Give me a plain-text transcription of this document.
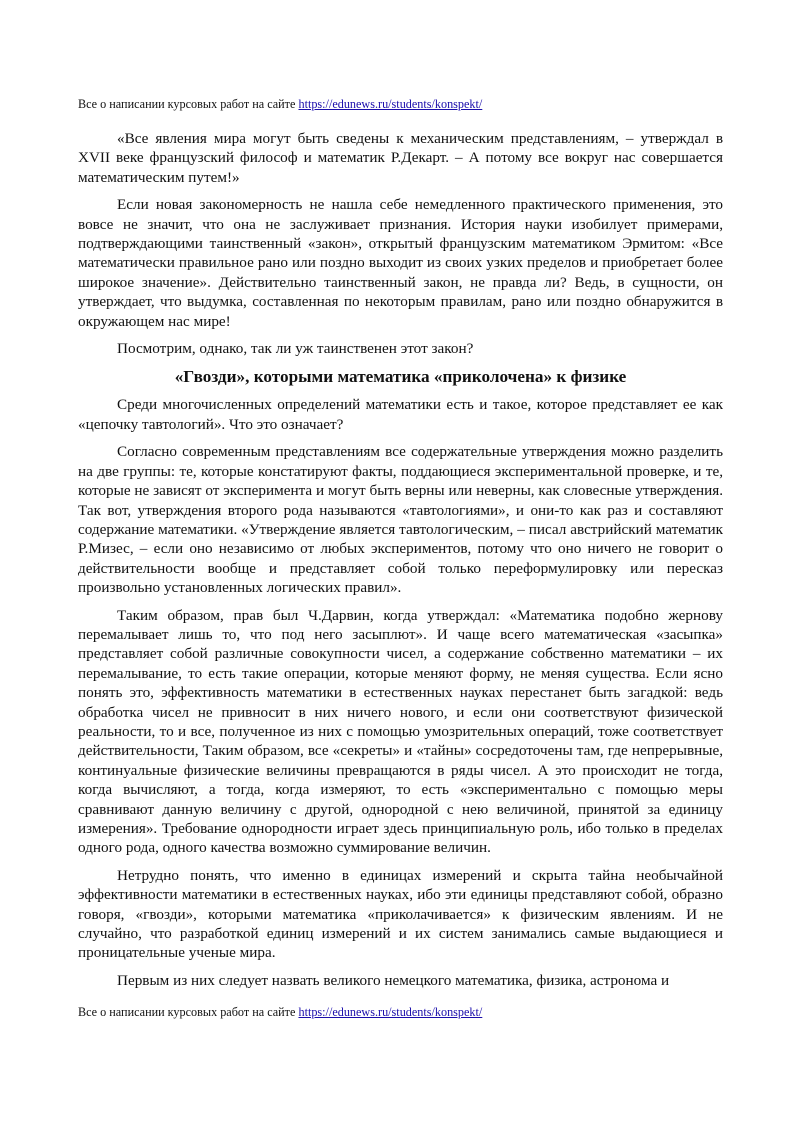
Все о написании курсовых работ на сайте https://edunews.ru/students/konspekt/

«Все явления мира могут быть сведены к механическим представлениям, – утверждал в XVII веке французский философ и математик Р.Декарт. – А потому все вокруг нас совершается математическим путем!»

Если новая закономерность не нашла себе немедленного практического применения, это вовсе не значит, что она не заслуживает признания. История науки изобилует примерами, подтверждающими таинственный «закон», открытый французским математиком Эрмитом: «Все математически правильное рано или поздно выходит из своих узких пределов и приобретает более широкое значение». Действительно таинственный закон, не правда ли? Ведь, в сущности, он утверждает, что выдумка, составленная по некоторым правилам, рано или поздно обнаружится в окружающем нас мире!

Посмотрим, однако, так ли уж таинственен этот закон?

«Гвозди», которыми математика «приколочена» к физике

Среди многочисленных определений математики есть и такое, которое представляет ее как «цепочку тавтологий». Что это означает?

Согласно современным представлениям все содержательные утверждения можно разделить на две группы: те, которые констатируют факты, поддающиеся экспериментальной проверке, и те, которые не зависят от эксперимента и могут быть верны или неверны, как словесные утверждения. Так вот, утверждения второго рода называются «тавтологиями», и они-то как раз и составляют содержание математики. «Утверждение является тавтологическим, – писал австрийский математик Р.Мизес, – если оно независимо от любых экспериментов, потому что оно ничего не говорит о действительности вообще и представляет собой только переформулировку или пересказ произвольно установленных логических правил».

Таким образом, прав был Ч.Дарвин, когда утверждал: «Математика подобно жернову перемалывает лишь то, что под него засыплют». И чаще всего математическая «засыпка» представляет собой различные совокупности чисел, а содержание собственно математики – их перемалывание, то есть такие операции, которые меняют форму, не меняя существа. Если ясно понять это, эффективность математики в естественных науках перестанет быть загадкой: ведь обработка чисел не привносит в них ничего нового, и если они соответствуют физической реальности, то и все, полученное из них с помощью умозрительных операций, тоже соответствует действительности, Таким образом, все «секреты» и «тайны» сосредоточены там, где непрерывные, континуальные физические величины превращаются в ряды чисел. А это происходит не тогда, когда вычисляют, а тогда, когда измеряют, то есть «экспериментально с помощью меры сравнивают данную величину с другой, однородной с нею величиной, принятой за единицу измерения». Требование однородности играет здесь принципиальную роль, ибо только в пределах одного рода, одного качества возможно суммирование величин.

Нетрудно понять, что именно в единицах измерений и скрыта тайна необычайной эффективности математики в естественных науках, ибо эти единицы представляют собой, образно говоря, «гвозди», которыми математика «приколачивается» к физическим явлениям. И не случайно, что разработкой единиц измерений и их систем занимались самые выдающиеся и проницательные ученые мира.

Первым из них следует назвать великого немецкого математика, физика, астронома и

Все о написании курсовых работ на сайте https://edunews.ru/students/konspekt/
